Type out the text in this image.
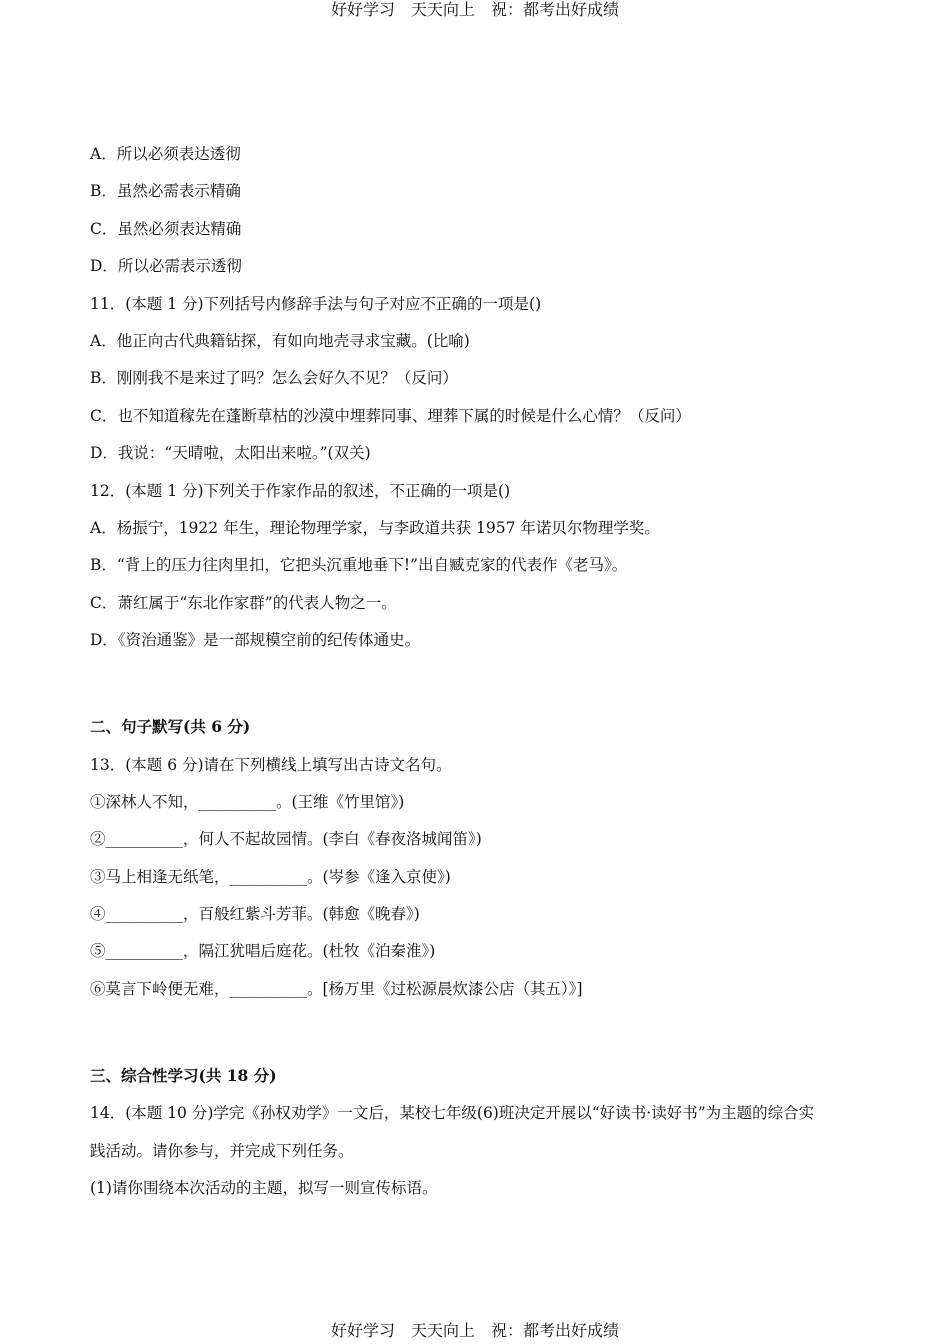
好好学习　天天向上　祝：都考出好成绩
A．所以必须表达透彻
B．虽然必需表示精确
C．虽然必须表达精确
D．所以必需表示透彻
11．(本题 1 分)下列括号内修辞手法与句子对应不正确的一项是()
A．他正向古代典籍钻探，有如向地壳寻求宝藏。(比喻)
B．刚刚我不是来过了吗？怎么会好久不见？（反问）
C．也不知道稼先在蓬断草枯的沙漠中埋葬同事、埋葬下属的时候是什么心情？（反问）
D．我说：“天晴啦，太阳出来啦。”(双关)
12．(本题 1 分)下列关于作家作品的叙述，不正确的一项是()
A．杨振宁，1922 年生，理论物理学家，与李政道共获 1957 年诺贝尔物理学奖。
B．“背上的压力往肉里扣，它把头沉重地垂下!”出自臧克家的代表作《老马》。
C．萧红属于“东北作家群”的代表人物之一。
D．《资治通鉴》是一部规模空前的纪传体通史。
二、句子默写(共 6 分)
13．(本题 6 分)请在下列横线上填写出古诗文名句。
①深林人不知，__________。(王维《竹里馆》)
②__________，何人不起故园情。(李白《春夜洛城闻笛》)
③马上相逢无纸笔，__________。(岑参《逢入京使》)
④__________，百般红紫斗芳菲。(韩愈《晚春》)
⑤__________，隔江犹唱后庭花。(杜牧《泊秦淮》)
⑥莫言下岭便无难，__________。[杨万里《过松源晨炊漆公店（其五）》]
三、综合性学习(共 18 分)
14．(本题 10 分)学完《孙权劝学》一文后，某校七年级(6)班决定开展以“好读书·读好书”为主题的综合实
践活动。请你参与，并完成下列任务。
(1)请你围绕本次活动的主题，拟写一则宣传标语。
好好学习　天天向上　祝：都考出好成绩
